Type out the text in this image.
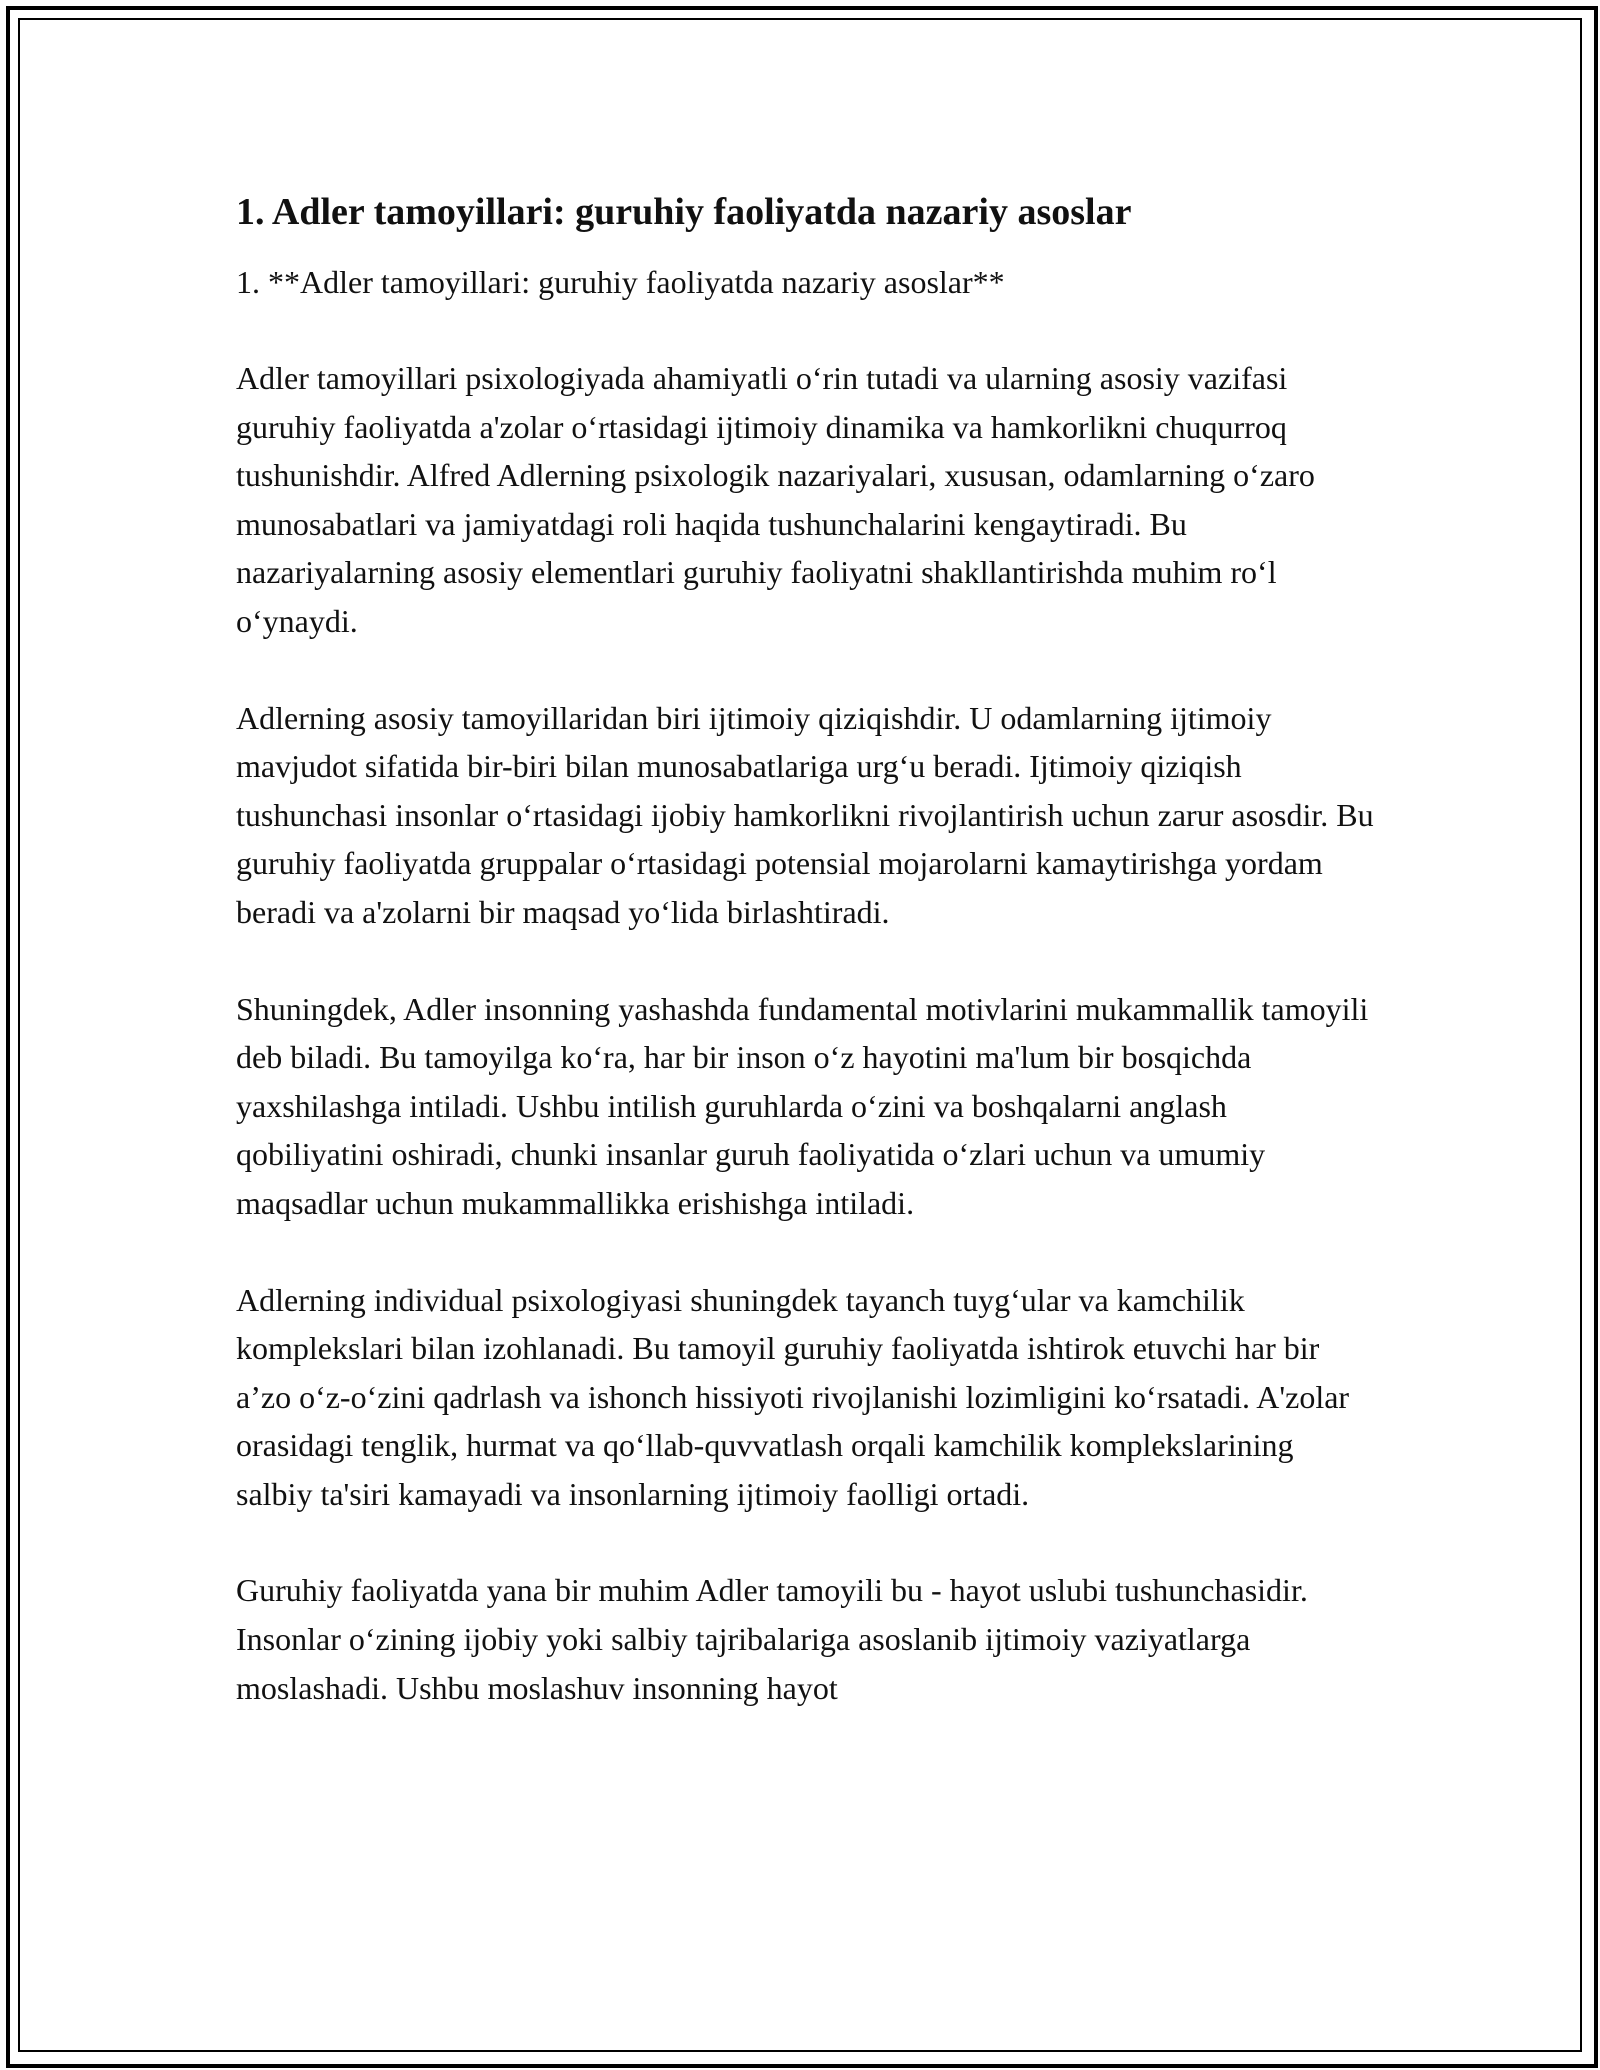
1. Adler tamoyillari: guruhiy faoliyatda nazariy asoslar

1. **Adler tamoyillari: guruhiy faoliyatda nazariy asoslar**

Adler tamoyillari psixologiyada ahamiyatli o‘rin tutadi va ularning asosiy vazifasi guruhiy faoliyatda a'zolar o‘rtasidagi ijtimoiy dinamika va hamkorlikni chuqurroq tushunishdir. Alfred Adlerning psixologik nazariyalari, xususan, odamlarning o‘zaro munosabatlari va jamiyatdagi roli haqida tushunchalarini kengaytiradi. Bu nazariyalarning asosiy elementlari guruhiy faoliyatni shakllantirishda muhim ro‘l o‘ynaydi.

Adlerning asosiy tamoyillaridan biri ijtimoiy qiziqishdir. U odamlarning ijtimoiy mavjudot sifatida bir-biri bilan munosabatlariga urg‘u beradi. Ijtimoiy qiziqish tushunchasi insonlar o‘rtasidagi ijobiy hamkorlikni rivojlantirish uchun zarur asosdir. Bu guruhiy faoliyatda gruppalar o‘rtasidagi potensial mojarolarni kamaytirishga yordam beradi va a'zolarni bir maqsad yo‘lida birlashtiradi.

Shuningdek, Adler insonning yashashda fundamental motivlarini mukammallik tamoyili deb biladi. Bu tamoyilga ko‘ra, har bir inson o‘z hayotini ma'lum bir bosqichda yaxshilashga intiladi. Ushbu intilish guruhlarda o‘zini va boshqalarni anglash qobiliyatini oshiradi, chunki insanlar guruh faoliyatida o‘zlari uchun va umumiy maqsadlar uchun mukammallikka erishishga intiladi.

Adlerning individual psixologiyasi shuningdek tayanch tuyg‘ular va kamchilik komplekslari bilan izohlanadi. Bu tamoyil guruhiy faoliyatda ishtirok etuvchi har bir a’zo o‘z-o‘zini qadrlash va ishonch hissiyoti rivojlanishi lozimligini ko‘rsatadi. A'zolar orasidagi tenglik, hurmat va qo‘llab-quvvatlash orqali kamchilik komplekslarining salbiy ta'siri kamayadi va insonlarning ijtimoiy faolligi ortadi.

Guruhiy faoliyatda yana bir muhim Adler tamoyili bu - hayot uslubi tushunchasidir. Insonlar o‘zining ijobiy yoki salbiy tajribalariga asoslanib ijtimoiy vaziyatlarga moslashadi. Ushbu moslashuv insonning hayot
